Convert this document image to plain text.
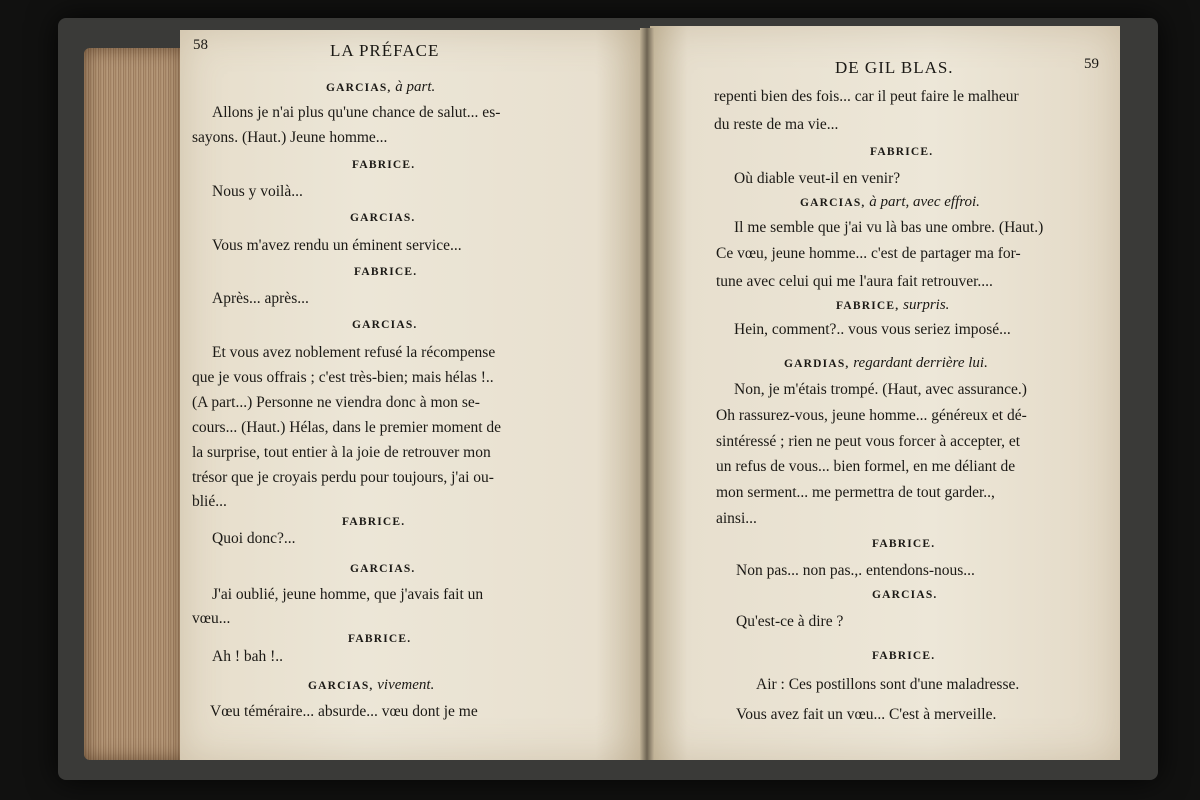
58	LA PRÉFACE
DE GIL BLAS.	59
GARCIAS, à part.
Allons je n'ai plus qu'une chance de salut... es-
sayons. (Haut.) Jeune homme...
FABRICE.
Nous y voilà...
GARCIAS.
Vous m'avez rendu un éminent service...
FABRICE.
Après... après...
GARCIAS.
Et vous avez noblement refusé la récompense
que je vous offrais ; c'est très-bien; mais hélas !..
(A part...) Personne ne viendra donc à mon se-
cours... (Haut.) Hélas, dans le premier moment de
la surprise, tout entier à la joie de retrouver mon
trésor que je croyais perdu pour toujours, j'ai ou-
blié...
FABRICE.
Quoi donc?...
GARCIAS.
J'ai oublié, jeune homme, que j'avais fait un
vœu...
FABRICE.
Ah ! bah !..
GARCIAS, vivement.
Vœu téméraire... absurde... vœu dont je me
repenti bien des fois... car il peut faire le malheur
du reste de ma vie...
FABRICE.
Où diable veut-il en venir?
GARCIAS, à part, avec effroi.
Il me semble que j'ai vu là bas une ombre. (Haut.)
Ce vœu, jeune homme... c'est de partager ma for-
tune avec celui qui me l'aura fait retrouver....
FABRICE, surpris.
Hein, comment?.. vous vous seriez imposé...
GARDIAS, regardant derrière lui.
Non, je m'étais trompé. (Haut, avec assurance.)
Oh rassurez-vous, jeune homme... généreux et dé-
sintéressé ; rien ne peut vous forcer à accepter, et
un refus de vous... bien formel, en me déliant de
mon serment... me permettra de tout garder..,
ainsi...
FABRICE.
Non pas... non pas.,. entendons-nous...
GARCIAS.
Qu'est-ce à dire ?
FABRICE.
Air : Ces postillons sont d'une maladresse.
Vous avez fait un vœu... C'est à merveille.
